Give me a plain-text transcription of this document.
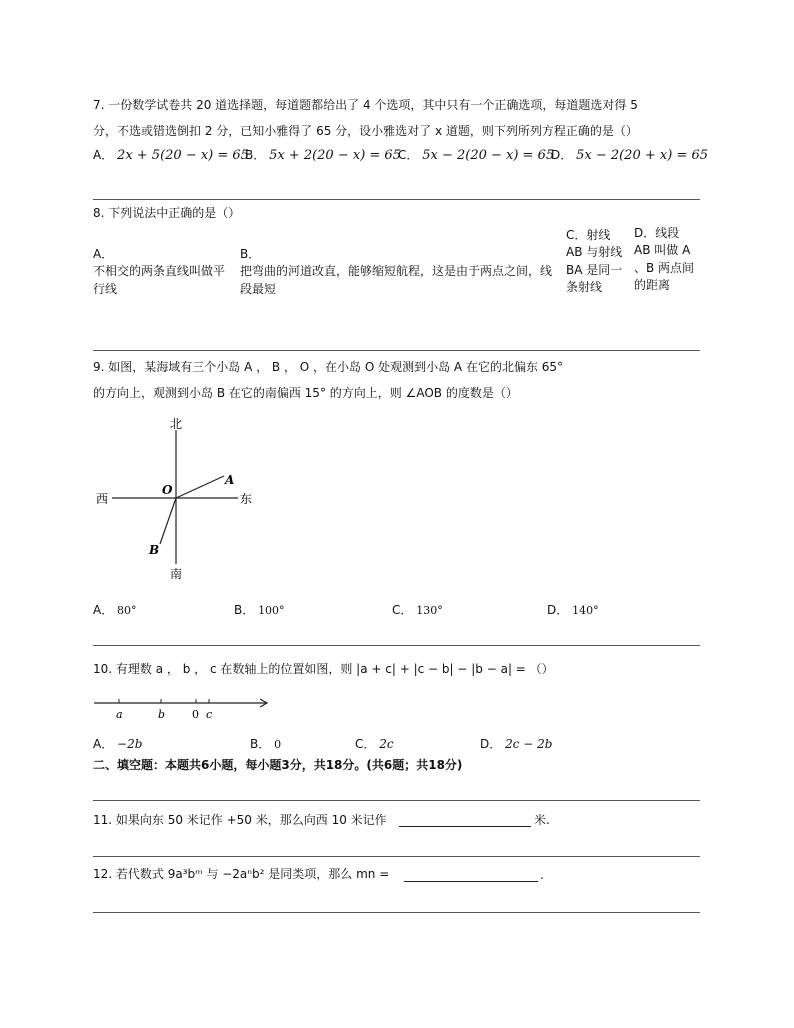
7. 一份数学试卷共 20 道选择题，每道题都给出了 4 个选项，其中只有一个正确选项，每道题选对得 5
分，不选或错选倒扣 2 分，已知小雅得了 65 分，设小雅选对了 x 道题，则下列所列方程正确的是（）
A． 2x + 5(20 − x) = 65
B． 5x + 2(20 − x) = 65
C． 5x − 2(20 − x) = 65
D． 5x − 2(20 + x) = 65
8. 下列说法中正确的是（）
A．
不相交的两条直线叫做平行线
B．
把弯曲的河道改直，能够缩短航程，这是由于两点之间，线段最短
C．射线 AB 与射线 BA 是同一条射线
D．线段 AB 叫做 A 、B 两点间的距离
9. 如图，某海域有三个小岛 A ， B ， O ，在小岛 O 处观测到小岛 A 在它的北偏东 65°
的方向上，观测到小岛 B 在它的南偏西 15° 的方向上，则 ∠AOB 的度数是（）
北
南
东
西
O
A
B
A． 80°	B． 100°	C． 130°	D． 140°
10. 有理数 a ， b ， c 在数轴上的位置如图，则 |a + c| + |c − b| − |b − a| = （）
a	b 0 c
A． −2b	B． 0	C． 2c	D． 2c − 2b
二、填空题：本题共6小题，每小题3分，共18分。(共6题；共18分)
11. 如果向东 50 米记作 +50 米，那么向西 10 米记作	米.
12. 若代数式 9a³bᵐ 与 −2aⁿb² 是同类项，那么 mn =	.
